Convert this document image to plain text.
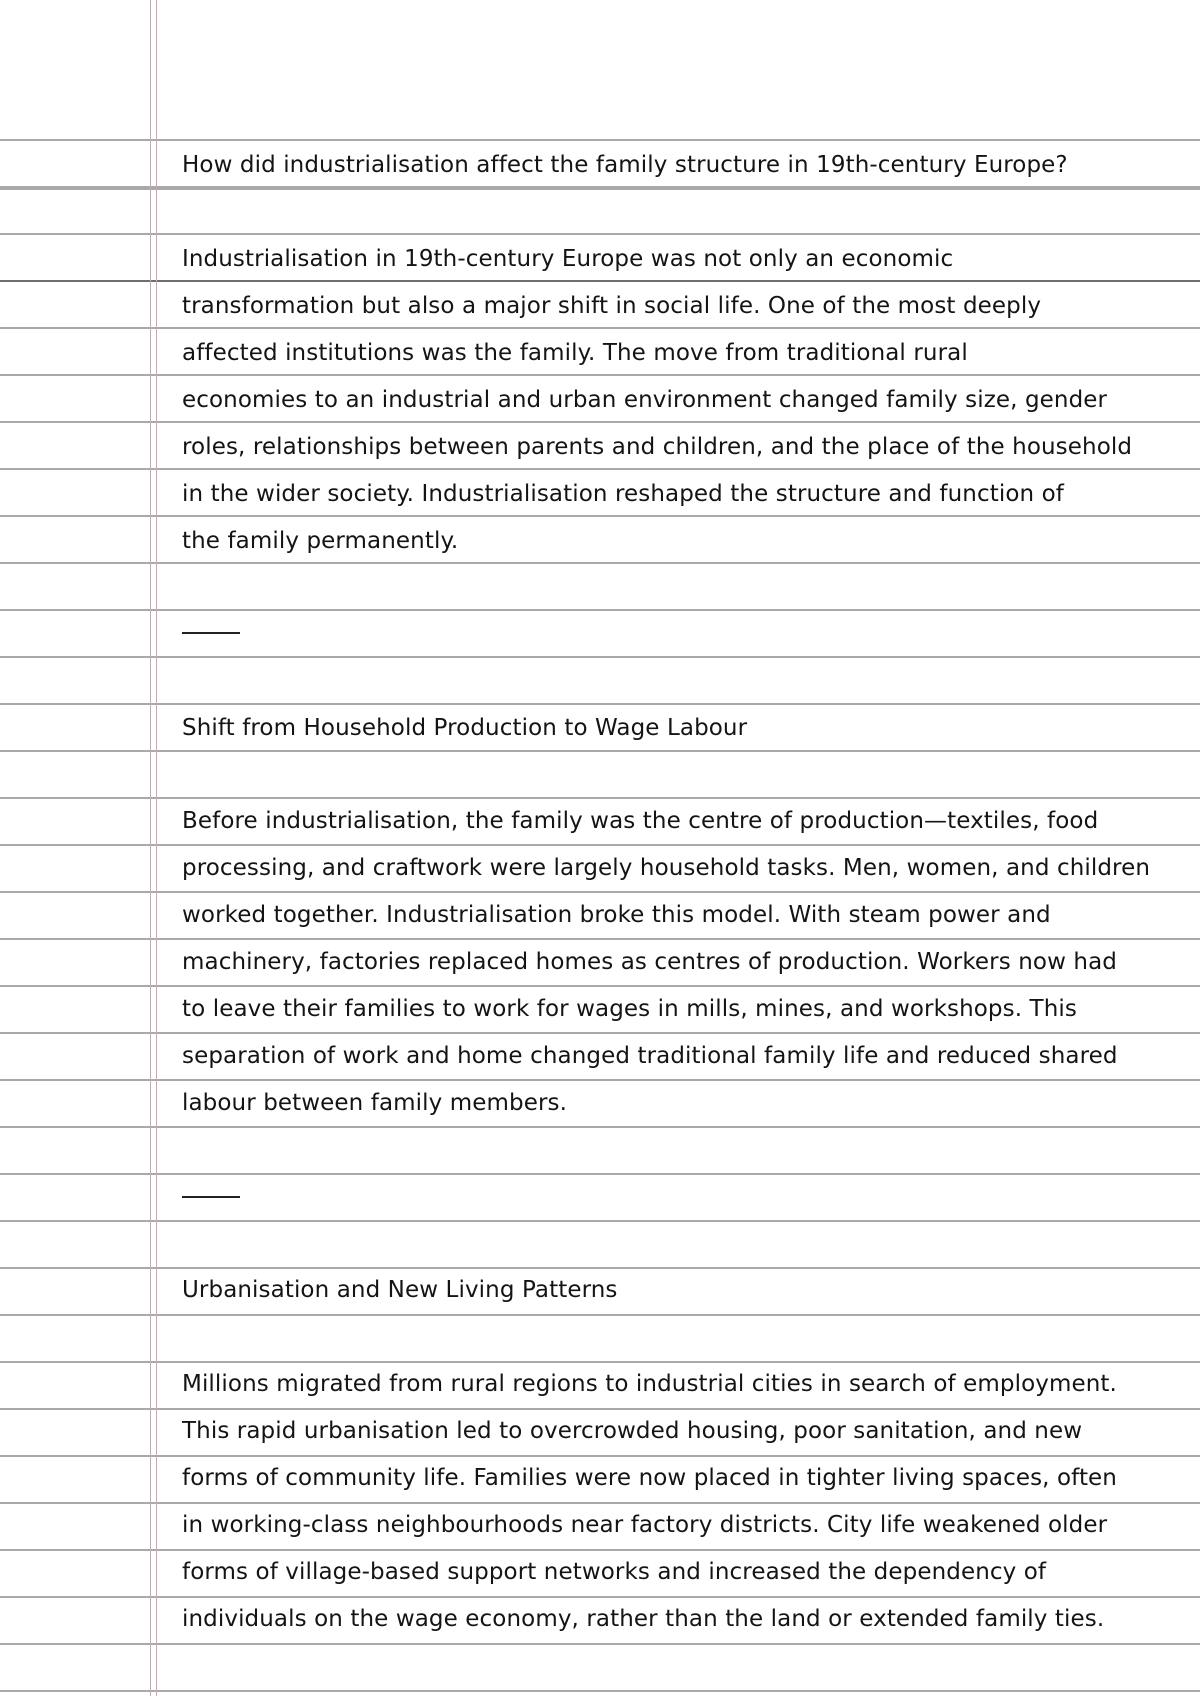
How did industrialisation affect the family structure in 19th-century Europe?
Industrialisation in 19th-century Europe was not only an economic
transformation but also a major shift in social life. One of the most deeply
affected institutions was the family. The move from traditional rural
economies to an industrial and urban environment changed family size, gender
roles, relationships between parents and children, and the place of the household
in the wider society. Industrialisation reshaped the structure and function of
the family permanently.
Shift from Household Production to Wage Labour
Before industrialisation, the family was the centre of production—textiles, food
processing, and craftwork were largely household tasks. Men, women, and children
worked together. Industrialisation broke this model. With steam power and
machinery, factories replaced homes as centres of production. Workers now had
to leave their families to work for wages in mills, mines, and workshops. This
separation of work and home changed traditional family life and reduced shared
labour between family members.
Urbanisation and New Living Patterns
Millions migrated from rural regions to industrial cities in search of employment.
This rapid urbanisation led to overcrowded housing, poor sanitation, and new
forms of community life. Families were now placed in tighter living spaces, often
in working-class neighbourhoods near factory districts. City life weakened older
forms of village-based support networks and increased the dependency of
individuals on the wage economy, rather than the land or extended family ties.
